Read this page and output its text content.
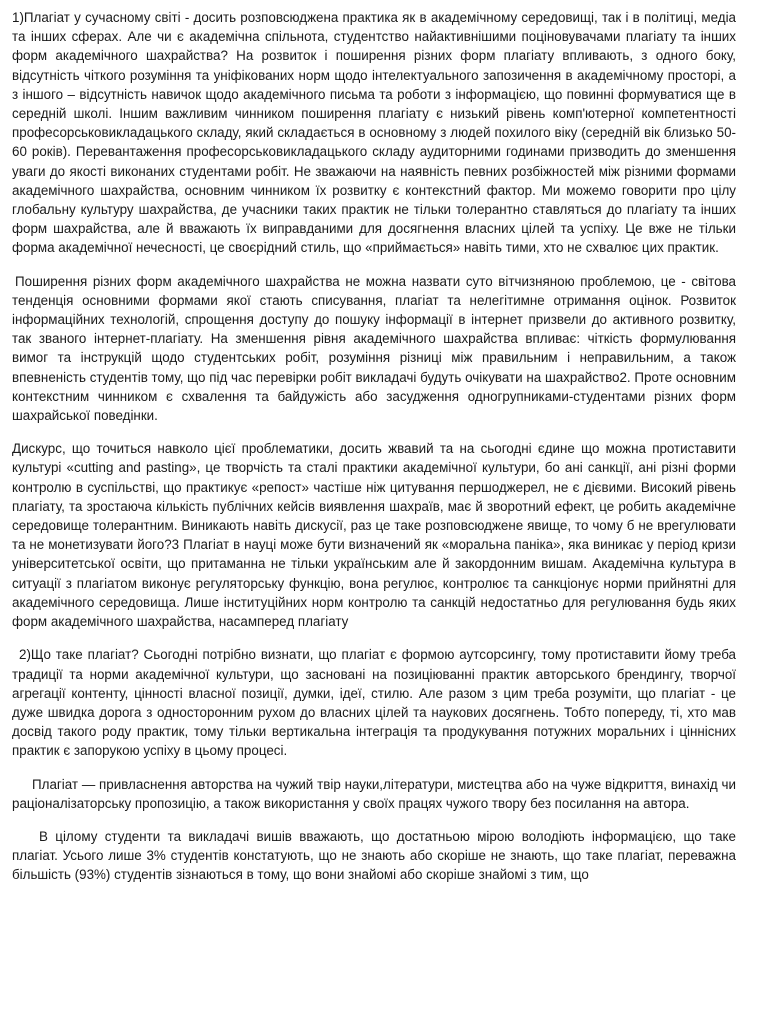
1)Плагіат у сучасному світі - досить розповсюджена практика як в академічному середовищі, так і в політиці, медіа та інших сферах. Але чи є академічна спільнота, студентство найактивнішими поціновувачами плагіату та інших форм академічного шахрайства? На розвиток і поширення різних форм плагіату впливають, з одного боку, відсутність чіткого розуміння та уніфікованих норм щодо інтелектуального запозичення в академічному просторі, а з іншого – відсутність навичок щодо академічного письма та роботи з інформацією, що повинні формуватися ще в середній школі. Іншим важливим чинником поширення плагіату є низький рівень комп'ютерної компетентності професорськовикладацького складу, який складається в основному з людей похилого віку (середній вік близько 50-60 років). Перевантаження професорськовикладацького складу аудиторними годинами призводить до зменшення уваги до якості виконаних студентами робіт. Не зважаючи на наявність певних розбіжностей між різними формами академічного шахрайства, основним чинником їх розвитку є контекстний фактор. Ми можемо говорити про цілу глобальну культуру шахрайства, де учасники таких практик не тільки толерантно ставляться до плагіату та інших форм шахрайства, але й вважають їх виправданими для досягнення власних цілей та успіху. Це вже не тільки форма академічної нечесності, це своєрідний стиль, що «приймається» навіть тими, хто не схвалює цих практик.

Поширення різних форм академічного шахрайства не можна назвати суто вітчизняною проблемою, це - світова тенденція основними формами якої стають списування, плагіат та нелегітимне отримання оцінок. Розвиток інформаційних технологій, спрощення доступу до пошуку інформації в інтернет призвели до активного розвитку, так званого інтернет-плагіату. На зменшення рівня академічного шахрайства впливає: чіткість формулювання вимог та інструкцій щодо студентських робіт, розуміння різниці між правильним і неправильним, а також впевненість студентів тому, що під час перевірки робіт викладачі будуть очікувати на шахрайство2. Проте основним контекстним чинником є схвалення та байдужість або засудження одногрупниками-студентами різних форм шахрайської поведінки.

Дискурс, що точиться навколо цієї проблематики, досить жвавий та на сьогодні єдине що можна протиставити культурі «cutting and pasting», це творчість та сталі практики академічної культури, бо ані санкції, ані різні форми контролю в суспільстві, що практикує «репост» частіше ніж цитування першоджерел, не є дієвими. Високий рівень плагіату, та зростаюча кількість публічних кейсів виявлення шахраїв, має й зворотний ефект, це робить академічне середовище толерантним. Виникають навіть дискусії, раз це таке розповсюджене явище, то чому б не врегулювати та не монетизувати його?3 Плагіат в науці може бути визначений як «моральна паніка», яка виникає у період кризи університетської освіти, що притаманна не тільки українським але й закордонним вишам. Академічна культура в ситуації з плагіатом виконує регуляторську функцію, вона регулює, контролює та санкціонує норми прийнятні для академічного середовища. Лише інституційних норм контролю та санкцій недостатньо для регулювання будь яких форм академічного шахрайства, насамперед плагіату

2)Що таке плагіат? Сьогодні потрібно визнати, що плагіат є формою аутсорсингу, тому протиставити йому треба традиції та норми академічної культури, що засновані на позиціюванні практик авторського брендингу, творчої агрегації контенту, цінності власної позиції, думки, ідеї, стилю. Але разом з цим треба розуміти, що плагіат - це дуже швидка дорога з односторонним рухом до власних цілей та наукових досягнень. Тобто попереду, ті, хто мав досвід такого роду практик, тому тільки вертикальна інтеграція та продукування потужних моральних і ціннісних практик є запорукою успіху в цьому процесі.

Плагіат — привласнення авторства на чужий твір науки,літератури, мистецтва або на чуже відкриття, винахід чи раціоналізаторську пропозицію, а також використання у своїх працях чужого твору без посилання на автора.

В цілому студенти та викладачі вишів вважають, що достатньою мірою володіють інформацією, що таке плагіат. Усього лише 3% студентів констатують, що не знають або скоріше не знають, що таке плагіат, переважна більшість (93%) студентів зізнаються в тому, що вони знайомі або скоріше знайомі з тим, що
